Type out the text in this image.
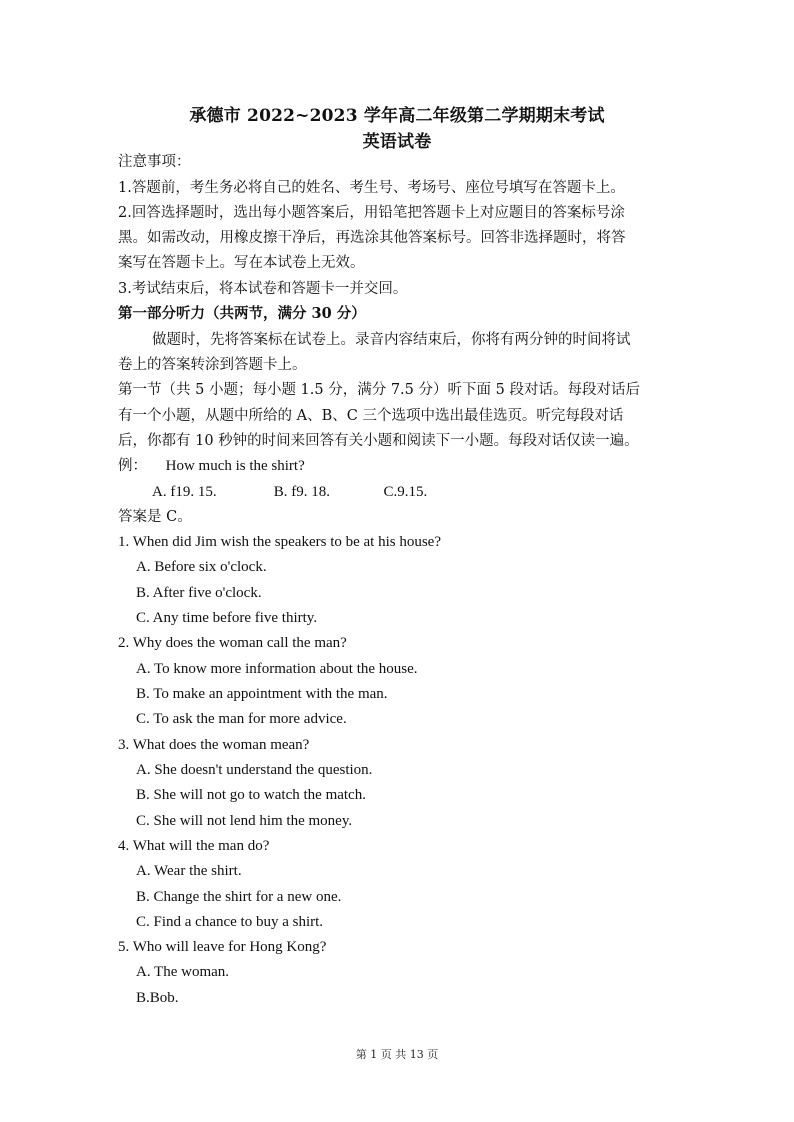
承德市 2022~2023 学年高二年级第二学期期末考试
英语试卷
注意事项：
1.答题前，考生务必将自己的姓名、考生号、考场号、座位号填写在答题卡上。
2.回答选择题时，选出每小题答案后，用铅笔把答题卡上对应题目的答案标号涂
黑。如需改动，用橡皮擦干净后，再选涂其他答案标号。回答非选择题时，将答
案写在答题卡上。写在本试卷上无效。
3.考试结束后，将本试卷和答题卡一并交回。
第一部分听力（共两节，满分 30 分）
做题时，先将答案标在试卷上。录音内容结束后，你将有两分钟的时间将试
卷上的答案转涂到答题卡上。
第一节（共 5 小题；每小题 1.5 分，满分 7.5 分）听下面 5 段对话。每段对话后
有一个小题，从题中所给的 A、B、C 三个选项中选出最佳选页。听完每段对话
后，你都有 10 秒钟的时间来回答有关小题和阅读下一小题。每段对话仅读一遍。
例： How much is the shirt?
A. f19. 15.	B. f9. 18.	C.9.15.
答案是 C。
1. When did Jim wish the speakers to be at his house?
A. Before six o'clock.
B. After five o'clock.
C. Any time before five thirty.
2. Why does the woman call the man?
A. To know more information about the house.
B. To make an appointment with the man.
C. To ask the man for more advice.
3. What does the woman mean?
A. She doesn't understand the question.
B. She will not go to watch the match.
C. She will not lend him the money.
4. What will the man do?
A. Wear the shirt.
B. Change the shirt for a new one.
C. Find a chance to buy a shirt.
5. Who will leave for Hong Kong?
A. The woman.
B.Bob.
第 1 页 共 13 页
